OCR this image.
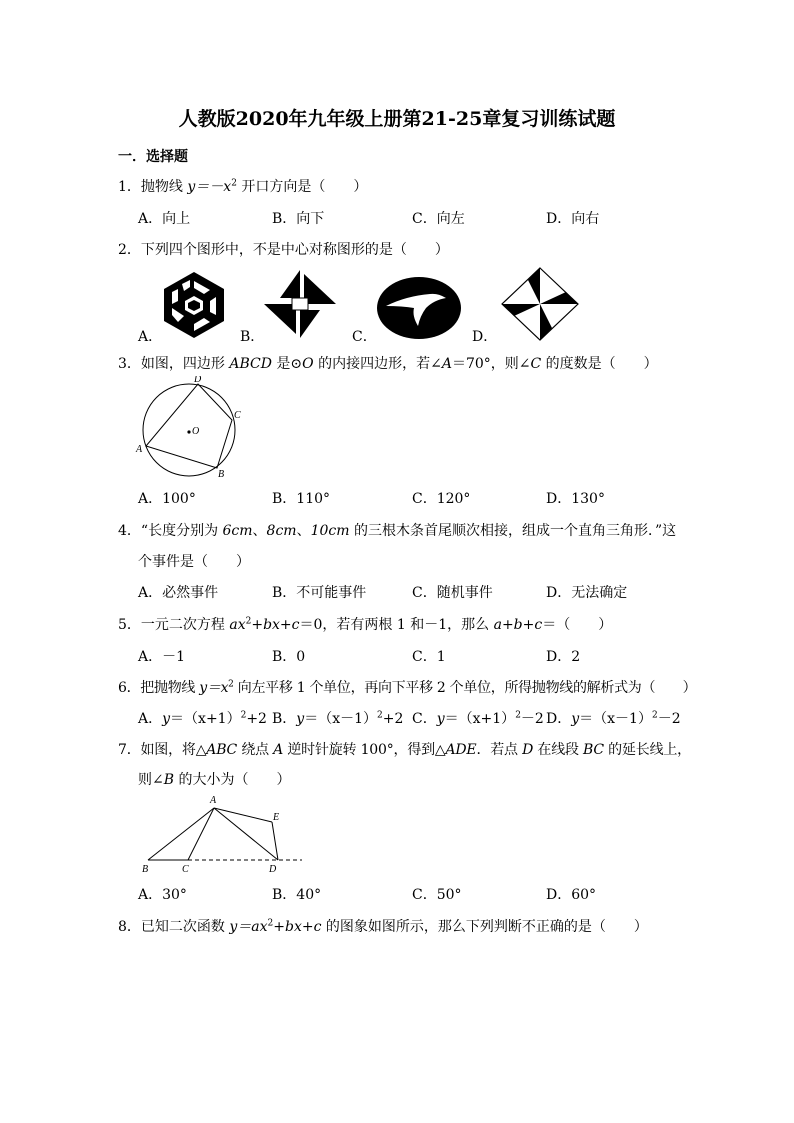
人教版2020年九年级上册第21-25章复习训练试题
一．选择题
1．抛物线 $y=-x^2$ 开口方向是（　　）
A．向上	B．向下	C．向左	D．向右
2．下列四个图形中，不是中心对称图形的是（　　）
A．	B．	C．	D．
3．如图，四边形 ABCD 是⊙O 的内接四边形，若∠A＝70°，则∠C 的度数是（　　）
D
C
A
B
O
A．100°	B．110°	C．120°	D．130°
4．“长度分别为 6cm、8cm、10cm 的三根木条首尾顺次相接，组成一个直角三角形．”这
个事件是（　　）
A．必然事件	B．不可能事件	C．随机事件	D．无法确定
5．一元二次方程 $ax^2+bx+c=0$，若有两根 1 和－1，那么 a+b+c＝（　　）
A．－1	B．0	C．1	D．2
6．把抛物线 $y=x^2$ 向左平移 1 个单位，再向下平移 2 个单位，所得抛物线的解析式为（　　）
A．$y=(x+1)^2+2$ B．$y=(x-1)^2+2$ C．$y=(x+1)^2-2$ D．$y=(x-1)^2-2$
7．如图，将△ABC 绕点 A 逆时针旋转 100°，得到△ADE．若点 D 在线段 BC 的延长线上，
则∠B 的大小为（　　）
A
E
B	C	D
A．30°	B．40°	C．50°	D．60°
8．已知二次函数 $y=ax^2+bx+c$ 的图象如图所示，那么下列判断不正确的是（　　）
